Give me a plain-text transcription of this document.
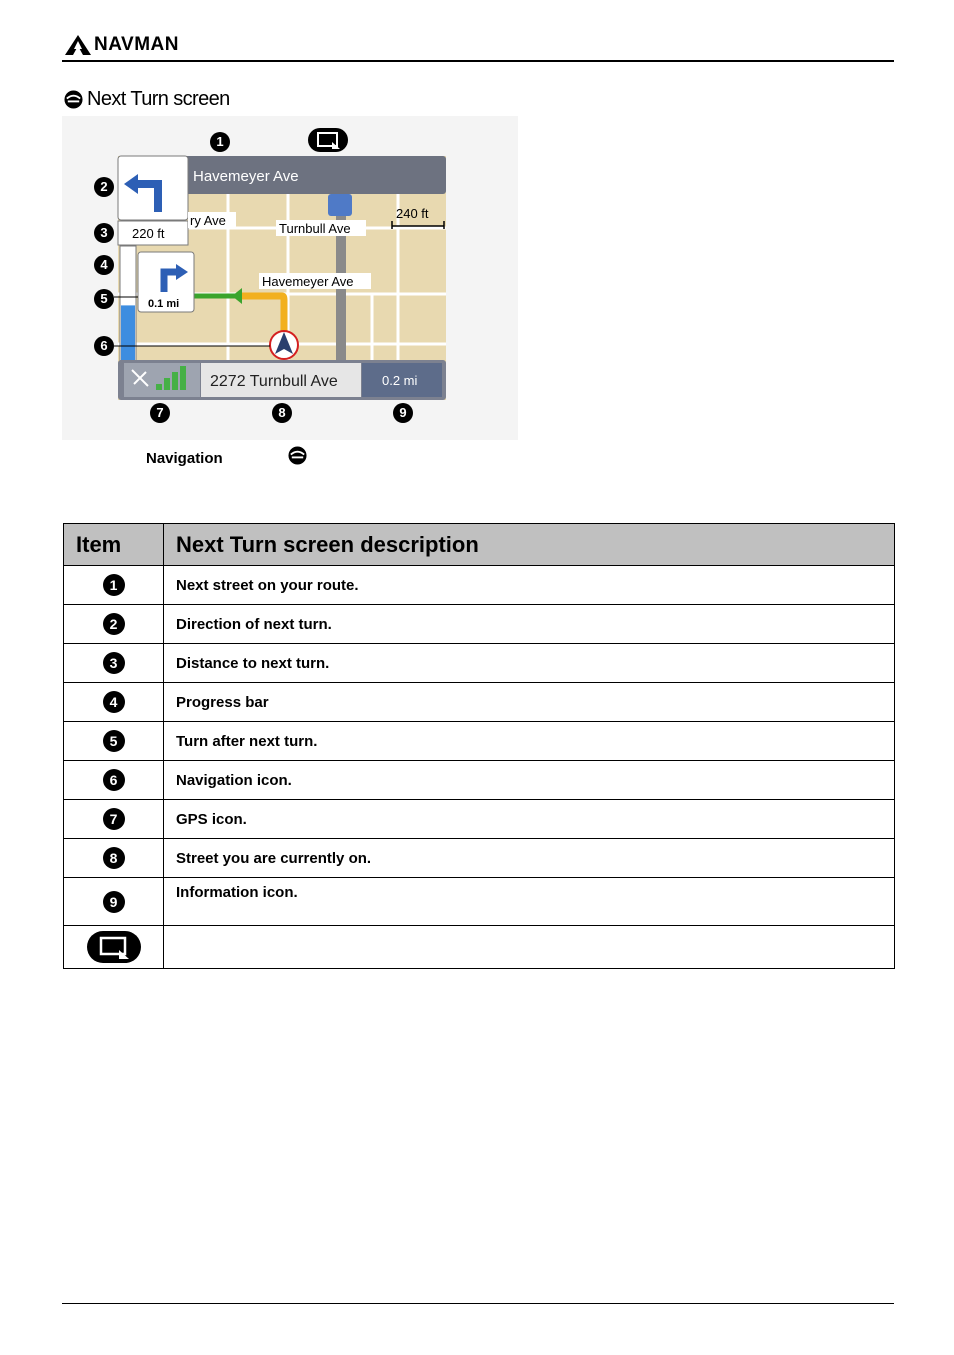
NAVMAN
Next Turn screen
Havemeyer Ave
220 ft
ry Ave
Turnbull Ave
Havemeyer Ave
240 ft
0.1 mi
2272 Turnbull Ave	0.2 mi
1
2
3
4
5
6
7	8	9
Navigation
Item	Next Turn screen description
1	Next street on your route.
2	Direction of next turn.
3	Distance to next turn.
4	Progress bar
5	Turn after next turn.
6	Navigation icon.
7	GPS icon.
8	Street you are currently on.
9	Information icon.
